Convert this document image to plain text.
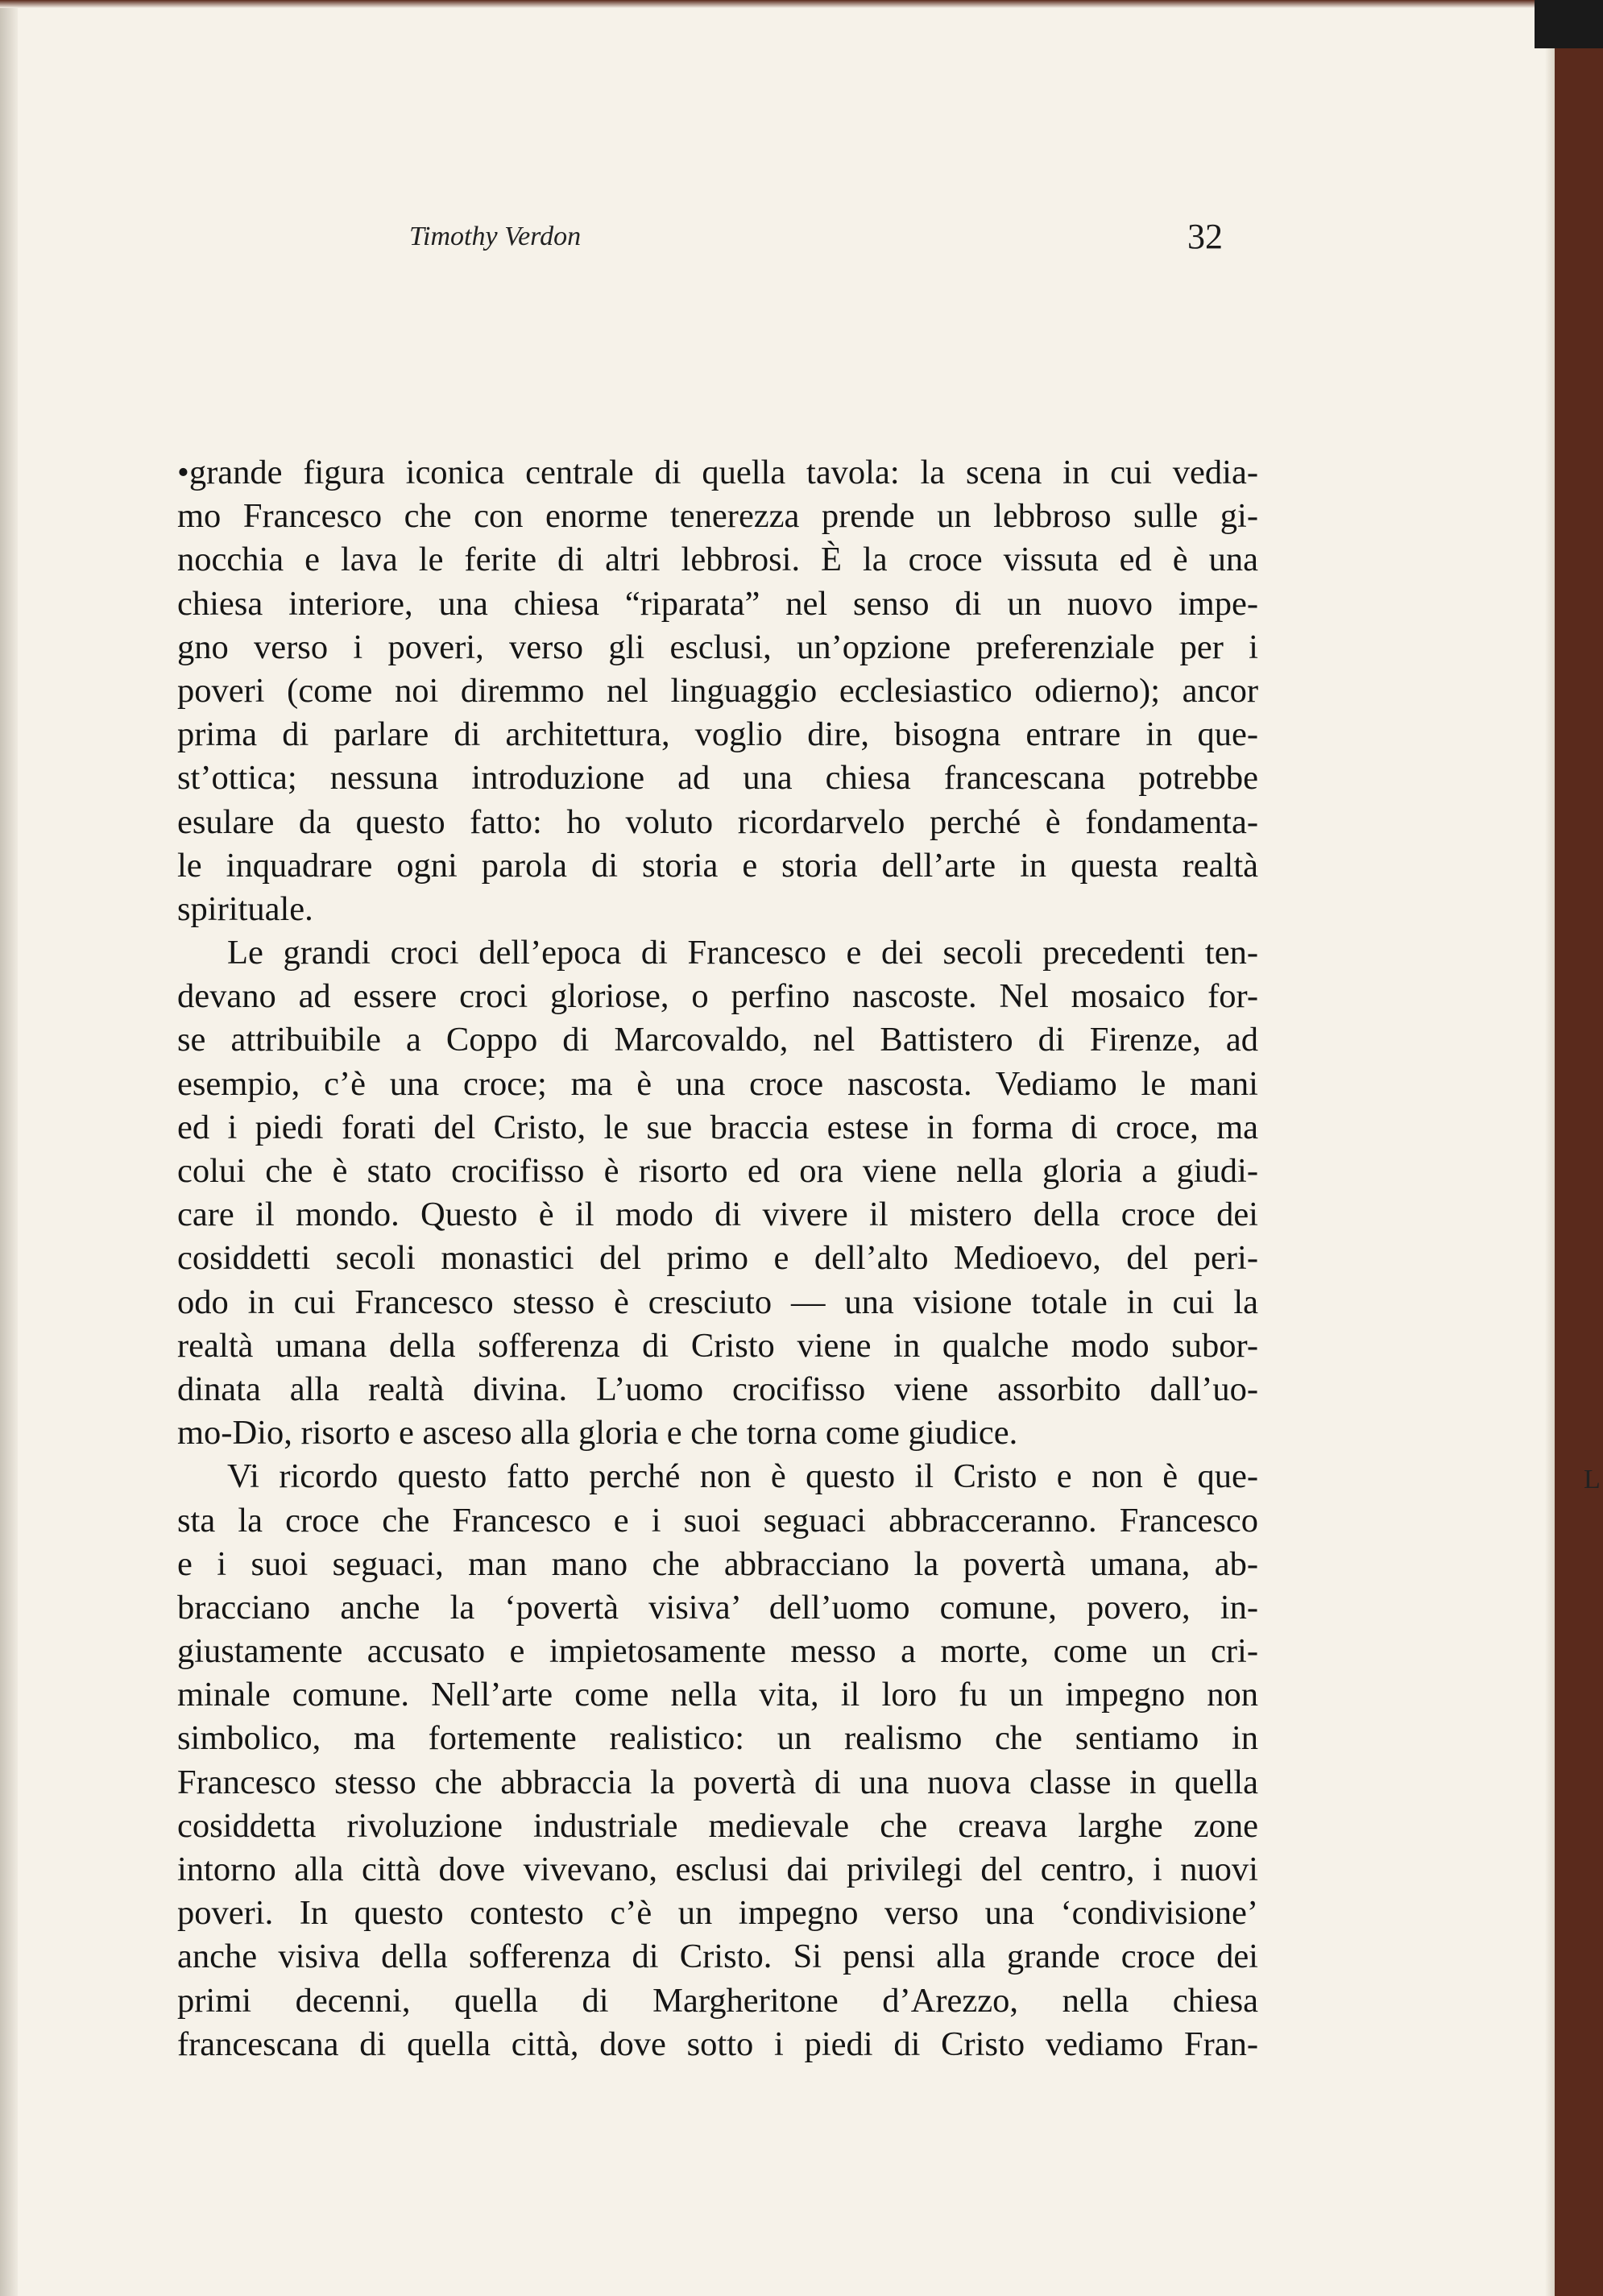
Timothy Verdon	32
•grande figura iconica centrale di quella tavola: la scena in cui vedia-
mo Francesco che con enorme tenerezza prende un lebbroso sulle gi-
nocchia e lava le ferite di altri lebbrosi. È la croce vissuta ed è una
chiesa interiore, una chiesa “riparata” nel senso di un nuovo impe-
gno verso i poveri, verso gli esclusi, un’opzione preferenziale per i
poveri (come noi diremmo nel linguaggio ecclesiastico odierno); ancor
prima di parlare di architettura, voglio dire, bisogna entrare in que-
st’ottica; nessuna introduzione ad una chiesa francescana potrebbe
esulare da questo fatto: ho voluto ricordarvelo perché è fondamenta-
le inquadrare ogni parola di storia e storia dell’arte in questa realtà
spirituale.
Le grandi croci dell’epoca di Francesco e dei secoli precedenti ten-
devano ad essere croci gloriose, o perfino nascoste. Nel mosaico for-
se attribuibile a Coppo di Marcovaldo, nel Battistero di Firenze, ad
esempio, c’è una croce; ma è una croce nascosta. Vediamo le mani
ed i piedi forati del Cristo, le sue braccia estese in forma di croce, ma
colui che è stato crocifisso è risorto ed ora viene nella gloria a giudi-
care il mondo. Questo è il modo di vivere il mistero della croce dei
cosiddetti secoli monastici del primo e dell’alto Medioevo, del peri-
odo in cui Francesco stesso è cresciuto — una visione totale in cui la
realtà umana della sofferenza di Cristo viene in qualche modo subor-
dinata alla realtà divina. L’uomo crocifisso viene assorbito dall’uo-
mo-Dio, risorto e asceso alla gloria e che torna come giudice.
Vi ricordo questo fatto perché non è questo il Cristo e non è que-
sta la croce che Francesco e i suoi seguaci abbracceranno. Francesco
e i suoi seguaci, man mano che abbracciano la povertà umana, ab-
bracciano anche la ‘povertà visiva’ dell’uomo comune, povero, in-
giustamente accusato e impietosamente messo a morte, come un cri-
minale comune. Nell’arte come nella vita, il loro fu un impegno non
simbolico, ma fortemente realistico: un realismo che sentiamo in
Francesco stesso che abbraccia la povertà di una nuova classe in quella
cosiddetta rivoluzione industriale medievale che creava larghe zone
intorno alla città dove vivevano, esclusi dai privilegi del centro, i nuovi
poveri. In questo contesto c’è un impegno verso una ‘condivisione’
anche visiva della sofferenza di Cristo. Si pensi alla grande croce dei
primi decenni, quella di Margheritone d’Arezzo, nella chiesa
francescana di quella città, dove sotto i piedi di Cristo vediamo Fran-
L
